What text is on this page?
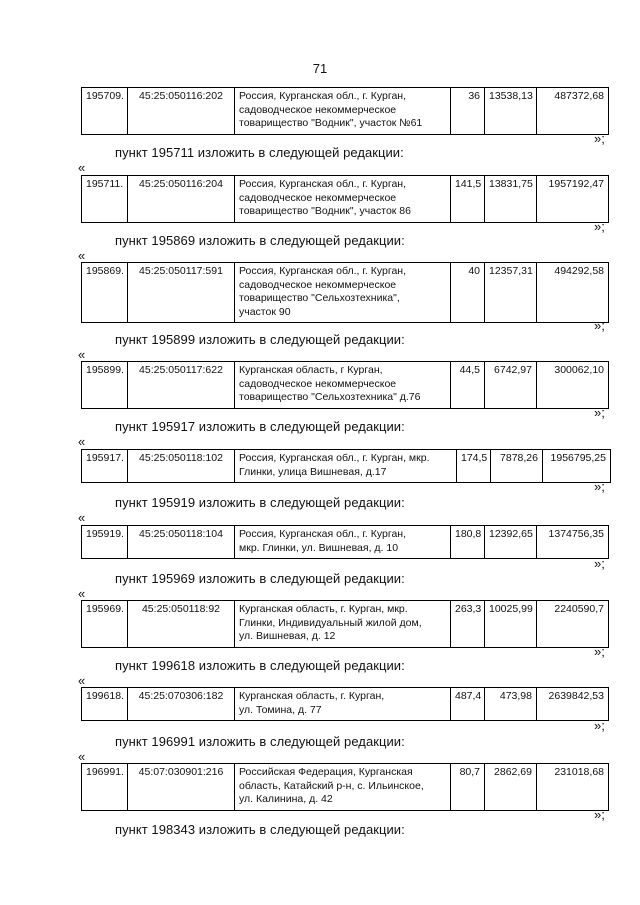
71
195709.	45:25:050116:202	Россия, Курганская обл., г. Курган,
садоводческое некоммерческое
товарищество "Водник", участок №61	36	13538,13	487372,68
»;
пункт 195711 изложить в следующей редакции:
«
195711.	45:25:050116:204	Россия, Курганская обл., г. Курган,
садоводческое некоммерческое
товарищество "Водник", участок 86	141,5	13831,75	1957192,47
»;
пункт 195869 изложить в следующей редакции:
«
195869.	45:25:050117:591	Россия, Курганская обл., г. Курган,
садоводческое некоммерческое
товарищество "Сельхозтехника",
участок 90	40	12357,31	494292,58
»;
пункт 195899 изложить в следующей редакции:
«
195899.	45:25:050117:622	Курганская область, г Курган,
садоводческое некоммерческое
товарищество "Сельхозтехника" д.76	44,5	6742,97	300062,10
»;
пункт 195917 изложить в следующей редакции:
«
195917.	45:25:050118:102	Россия, Курганская обл., г. Курган, мкр.
Глинки, улица Вишневая, д.17	174,5	7878,26	1956795,25
»;
пункт 195919 изложить в следующей редакции:
«
195919.	45:25:050118:104	Россия, Курганская обл., г. Курган,
мкр. Глинки, ул. Вишневая, д. 10	180,8	12392,65	1374756,35
»;
пункт 195969 изложить в следующей редакции:
«
195969.	45:25:050118:92	Курганская область, г. Курган, мкр.
Глинки, Индивидуальный жилой дом,
ул. Вишневая, д. 12	263,3	10025,99	2240590,7
»;
пункт 199618 изложить в следующей редакции:
«
199618.	45:25:070306:182	Курганская область, г. Курган,
ул. Томина, д. 77	487,4	473,98	2639842,53
»;
пункт 196991 изложить в следующей редакции:
«
196991.	45:07:030901:216	Российская Федерация, Курганская
область, Катайский р-н, с. Ильинское,
ул. Калинина, д. 42	80,7	2862,69	231018,68
»;
пункт 198343 изложить в следующей редакции:
